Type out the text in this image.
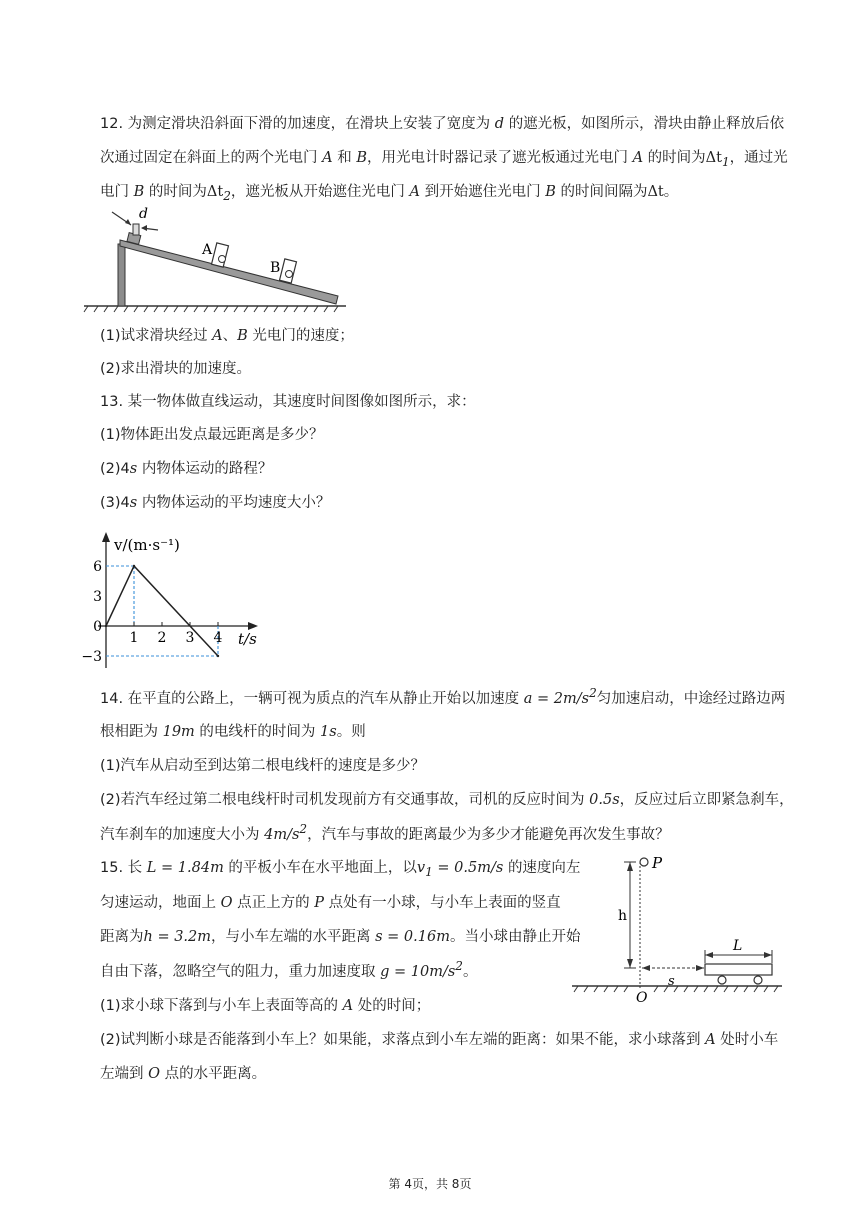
12. 为测定滑块沿斜面下滑的加速度，在滑块上安装了宽度为 d 的遮光板，如图所示，滑块由静止释放后依
次通过固定在斜面上的两个光电门 A 和 B，用光电计时器记录了遮光板通过光电门 A 的时间为$\Delta t_1$，通过光
电门 B 的时间为$\Delta t_2$，遮光板从开始遮住光电门 A 到开始遮住光电门 B 的时间间隔为Δt。
d
A
B
(1)试求滑块经过 A、B 光电门的速度；
(2)求出滑块的加速度。
13. 某一物体做直线运动，其速度时间图像如图所示，求：
(1)物体距出发点最远距离是多少？
(2)4s 内物体运动的路程？
(3)4s 内物体运动的平均速度大小？
v/(m·s⁻¹)
t/s
6
3
0
−3
1 2 3 4
14. 在平直的公路上，一辆可视为质点的汽车从静止开始以加速度 $a = 2m/s^2$匀加速启动，中途经过路边两
根相距为 19m 的电线杆的时间为 1s。则
(1)汽车从启动至到达第二根电线杆的速度是多少？
(2)若汽车经过第二根电线杆时司机发现前方有交通事故，司机的反应时间为 0.5s，反应过后立即紧急刹车，
汽车刹车的加速度大小为 $4m/s^2$，汽车与事故的距离最少为多少才能避免再次发生事故？
15. 长 L = 1.84m 的平板小车在水平地面上，以$v_1 = 0.5m/s$ 的速度向左
匀速运动，地面上 O 点正上方的 P 点处有一小球，与小车上表面的竖直
距离为h = 3.2m，与小车左端的水平距离 s = 0.16m。当小球由静止开始
自由下落，忽略空气的阻力，重力加速度取 $g = 10m/s^2$。
(1)求小球下落到与小车上表面等高的 A 处的时间；
(2)试判断小球是否能落到小车上？如果能，求落点到小车左端的距离：如果不能，求小球落到 A 处时小车
左端到 O 点的水平距离。
P
h
s
L
O
第 4页，共 8页
